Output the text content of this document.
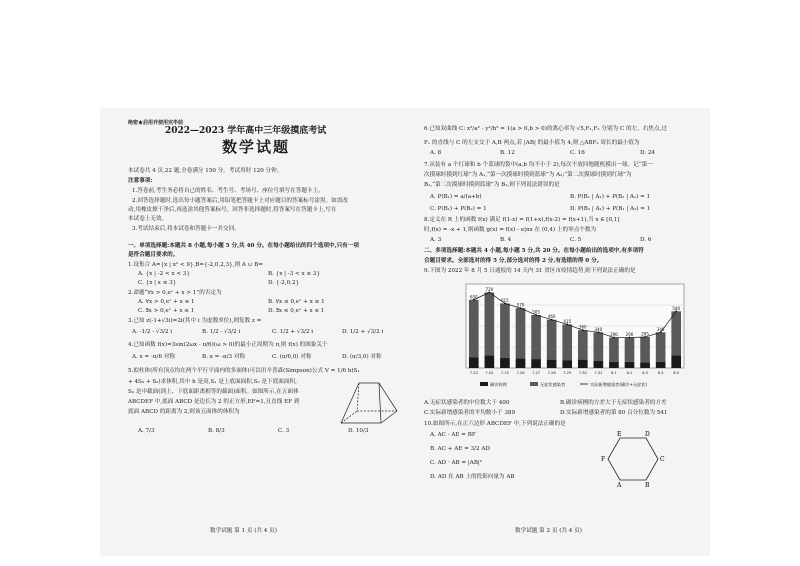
绝密★启用并使用完毕前
2022—2023 学年高中三年级摸底考试
数学试题
本试卷共 4 页,22 题,全卷满分 150 分。考试用时 120 分钟。
注意事项:
1.答卷前,考生务必将自己的姓名、考生号、考场号、座位号填写在答题卡上。
2.回答选择题时,选出每小题答案后,用铅笔把答题卡上对应题目的答案标号涂黑。如需改
动,用橡皮擦干净后,再选涂其他答案标号。回答非选择题时,将答案写在答题卡上,写在
本试卷上无效。
3.考试结束后,将本试卷和答题卡一并交回。
一、单项选择题:本题共 8 小题,每小题 5 分,共 40 分。在每小题给出的四个选项中,只有一项
是符合题目要求的。
1.设集合 A={x | x² < 9},B={-2,0,2,3},则 A ∪ B=
A. {x | -2 < x < 3}	B. {x | -3 < x ≤ 3}
C. {x | x ≤ 3}	D. {-2,0,2}
2.命题“∀x > 0,eˣ + x > 1”的否定为
A. ∀x > 0,eˣ + x ≤ 1	B. ∀x ≤ 0,eˣ + x ≤ 1
C. ∃x > 0,eˣ + x ≤ 1	D. ∃x ≤ 0,eˣ + x ≤ 1
3.已知 z(-1+√3i)=2i(其中 i 为虚数单位),则复数 z =
A. -1/2 - √3/2 i	B. 1/2 - √3/2 i	C. 1/2 + √3/2 i	D. 1/2 + √3/2 i
4.已知函数 f(x)=3sin(2ωx - π/6)(ω > 0)的最小正周期为 π,则 f(x) 的图象关于
A. x = -π/6 对称	B. x = -π/3 对称	C. (π/6,0) 对称	D. (π/3,0) 对称
5.拟柱体(所有顶点均在两个平行平面内的多面体)可以用辛普森(Simpson)公式 V = 1/6 h(S₁
+ 4S₀ + S₂)求体积,其中 h 是高,S₁ 是上底面面积,S₂ 是下底面面积,
S₀ 是中截面(到上、下底面距离相等的截面)面积。如图所示,在五面体
ABCDEF 中,底面 ABCD 是边长为 2 的正方形,EF=1,且直线 EF 到
底面 ABCD 的距离为 2,则该五面体的体积为
A. 7/3	B. 8/3	C. 3	D. 10/3
数学试题 第 1 页 (共 4 页)
6.已知双曲线 C: x²/a² - y²/b² = 1(a > 0,b > 0)的离心率为 √5,F₁,F₂ 分别为 C 的左、右焦点,过
F₁ 的直线与 C 的左支交于 A,B 两点,若 |AB| 的最小值为 4,则 △ABF₂ 周长的最小值为
A. 8	B. 12	C. 16	D. 24
7.从装有 a 个红球和 b 个蓝球的袋中(a,b 均不小于 2),每次不放回地随机摸出一球。记“第一
次摸球时摸到红球”为 A₁,“第一次摸球时摸到蓝球”为 A₂;“第二次摸球时摸到红球”为
B₁,“第二次摸球时摸到蓝球”为 B₂,则下列说法错误的是
A. P(B₁) = a/(a+b)	B. P(B₁ | A₁) + P(B₂ | A₁) = 1
C. P(B₁) + P(B₂) = 1	D. P(B₂ | A₁) + P(B₁ | A₂) = 1
8.定义在 R 上的函数 f(x) 满足 f(1-x) = f(1+x),f(x-2) = f(x+1),当 x ∈ [0,1]
时,f(x) = -x + 1,则函数 g(x) = f(x) - e|nx 在 (0,4) 上的零点个数为
A. 3	B. 4	C. 5	D. 6
二、多项选择题:本题共 4 小题,每小题 5 分,共 20 分。在每小题给出的选项中,有多项符
合题目要求。全部选对的得 5 分,部分选对的得 2 分,有选错的得 0 分。
9.下图为 2022 年 8 月 5 日通报的 14 天内 31 省区市疫情趋势,则下列说法正确的是
650
7.23
720
7.24
615
7.25
570
7.26
505
7.27
460
7.28
415
7.29
360
7.30
340
7.31
290
8.1
290
8.2
295
8.3
340
8.4
540
8.5
确诊病例	无症状感染者	实际新增感染者(确诊+无症状)
A.无症状感染者的中位数大于 400	B.确诊病例的方差大于无症状感染者的方差
C.实际新增感染者的平均数小于 389	D.实际新增感染者的第 80 百分位数为 541
10.如图所示,在正六边形 ABCDEF 中,下列说法正确的是
A. AC - AE = BF
B. AC + AE = 3/2 AD
C. AD · AB = |AB|²
D. AD 在 AB 上的投影向量为 AB
A	B
C
D
E
F
数学试题 第 2 页 (共 4 页)
